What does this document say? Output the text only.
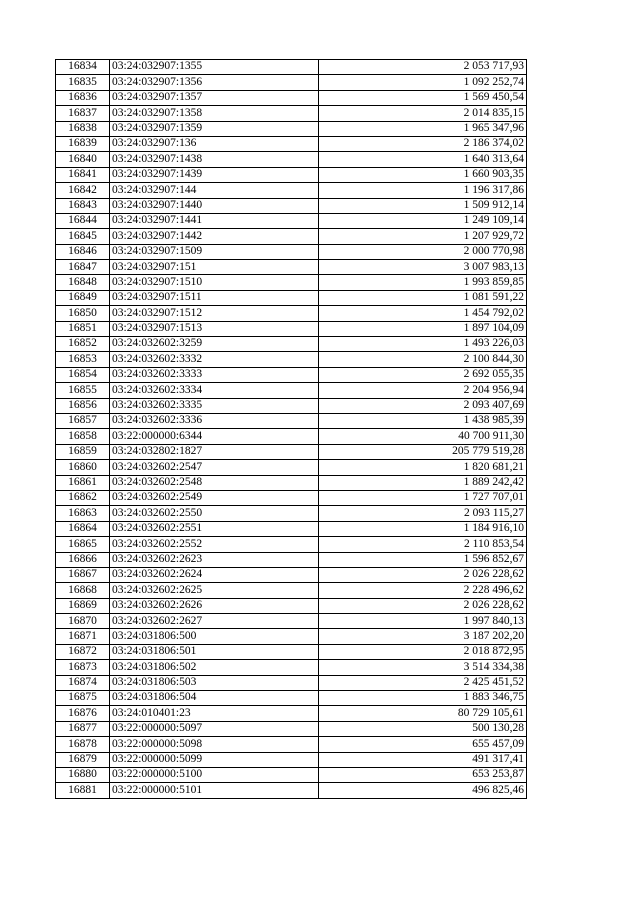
16834	03:24:032907:1355	2 053 717,93
16835	03:24:032907:1356	1 092 252,74
16836	03:24:032907:1357	1 569 450,54
16837	03:24:032907:1358	2 014 835,15
16838	03:24:032907:1359	1 965 347,96
16839	03:24:032907:136	2 186 374,02
16840	03:24:032907:1438	1 640 313,64
16841	03:24:032907:1439	1 660 903,35
16842	03:24:032907:144	1 196 317,86
16843	03:24:032907:1440	1 509 912,14
16844	03:24:032907:1441	1 249 109,14
16845	03:24:032907:1442	1 207 929,72
16846	03:24:032907:1509	2 000 770,98
16847	03:24:032907:151	3 007 983,13
16848	03:24:032907:1510	1 993 859,85
16849	03:24:032907:1511	1 081 591,22
16850	03:24:032907:1512	1 454 792,02
16851	03:24:032907:1513	1 897 104,09
16852	03:24:032602:3259	1 493 226,03
16853	03:24:032602:3332	2 100 844,30
16854	03:24:032602:3333	2 692 055,35
16855	03:24:032602:3334	2 204 956,94
16856	03:24:032602:3335	2 093 407,69
16857	03:24:032602:3336	1 438 985,39
16858	03:22:000000:6344	40 700 911,30
16859	03:24:032802:1827	205 779 519,28
16860	03:24:032602:2547	1 820 681,21
16861	03:24:032602:2548	1 889 242,42
16862	03:24:032602:2549	1 727 707,01
16863	03:24:032602:2550	2 093 115,27
16864	03:24:032602:2551	1 184 916,10
16865	03:24:032602:2552	2 110 853,54
16866	03:24:032602:2623	1 596 852,67
16867	03:24:032602:2624	2 026 228,62
16868	03:24:032602:2625	2 228 496,62
16869	03:24:032602:2626	2 026 228,62
16870	03:24:032602:2627	1 997 840,13
16871	03:24:031806:500	3 187 202,20
16872	03:24:031806:501	2 018 872,95
16873	03:24:031806:502	3 514 334,38
16874	03:24:031806:503	2 425 451,52
16875	03:24:031806:504	1 883 346,75
16876	03:24:010401:23	80 729 105,61
16877	03:22:000000:5097	500 130,28
16878	03:22:000000:5098	655 457,09
16879	03:22:000000:5099	491 317,41
16880	03:22:000000:5100	653 253,87
16881	03:22:000000:5101	496 825,46
